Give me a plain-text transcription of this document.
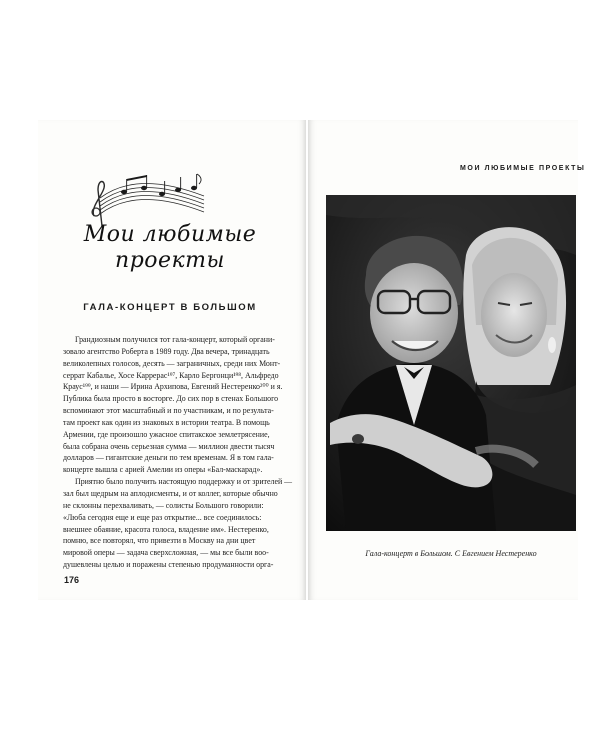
МОИ ЛЮБИМЫЕ ПРОЕКТЫ
Мои любимые
проекты
ГАЛА-КОНЦЕРТ В БОЛЬШОМ
Грандиозным получился тот гала-концерт, который органи-
зовало агентство Роберта в 1989 году. Два вечера, тринадцать
великолепных голосов, десять — заграничных, среди них Монт-
серрат Кабалье, Хосе Каррерас¹⁹⁷, Карло Бергонци¹⁹⁸, Альфредо
Краус¹⁹⁹, и наши — Ирина Архипова, Евгений Нестеренко²⁰⁰ и я.
Публика была просто в восторге. До сих пор в стенах Большого
вспоминают этот масштабный и по участникам, и по результа-
там проект как один из знаковых в истории театра. В помощь
Армении, где произошло ужасное спитакское землетрясение,
была собрана очень серьезная сумма — миллион двести тысяч
долларов — гигантские деньги по тем временам. Я в том гала-
концерте вышла с арией Амелии из оперы «Бал-маскарад».
Приятно было получить настоящую поддержку и от зрителей —
зал был щедрым на аплодисменты, и от коллег, которые обычно
не склонны перехваливать, — солисты Большого говорили:
«Люба сегодня еще и еще раз открытие... все соединилось:
внешнее обаяние, красота голоса, владение им». Нестеренко,
помню, все повторял, что привезти в Москву на дни цвет
мировой оперы — задача сверхсложная, — мы все были воо-
душевлены целью и поражены степенью продуманности орга-
176
Гала-концерт в Большом. С Евгением Нестеренко
